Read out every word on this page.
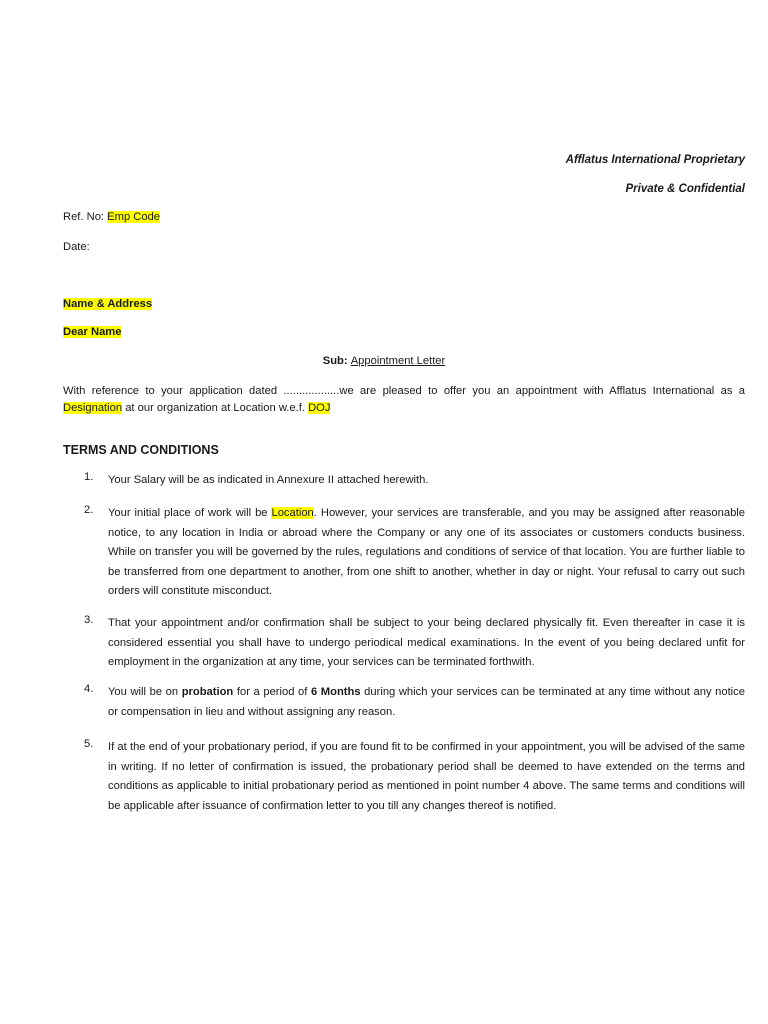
Afflatus International Proprietary
Private & Confidential
Ref. No: Emp Code
Date:
Name & Address
Dear Name
Sub: Appointment Letter
With reference to your application dated ..................we are pleased to offer you an appointment with Afflatus International as a Designation at our organization at Location w.e.f. DOJ
TERMS AND CONDITIONS
1.	Your Salary will be as indicated in Annexure II attached herewith.
2.	Your initial place of work will be Location. However, your services are transferable, and you may be assigned after reasonable notice, to any location in India or abroad where the Company or any one of its associates or customers conducts business. While on transfer you will be governed by the rules, regulations and conditions of service of that location. You are further liable to be transferred from one department to another, from one shift to another, whether in day or night. Your refusal to carry out such orders will constitute misconduct.
3.	That your appointment and/or confirmation shall be subject to your being declared physically fit. Even thereafter in case it is considered essential you shall have to undergo periodical medical examinations. In the event of you being declared unfit for employment in the organization at any time, your services can be terminated forthwith.
4.	You will be on probation for a period of 6 Months during which your services can be terminated at any time without any notice or compensation in lieu and without assigning any reason.
5.	If at the end of your probationary period, if you are found fit to be confirmed in your appointment, you will be advised of the same in writing. If no letter of confirmation is issued, the probationary period shall be deemed to have extended on the terms and conditions as applicable to initial probationary period as mentioned in point number 4 above. The same terms and conditions will be applicable after issuance of confirmation letter to you till any changes thereof is notified.
